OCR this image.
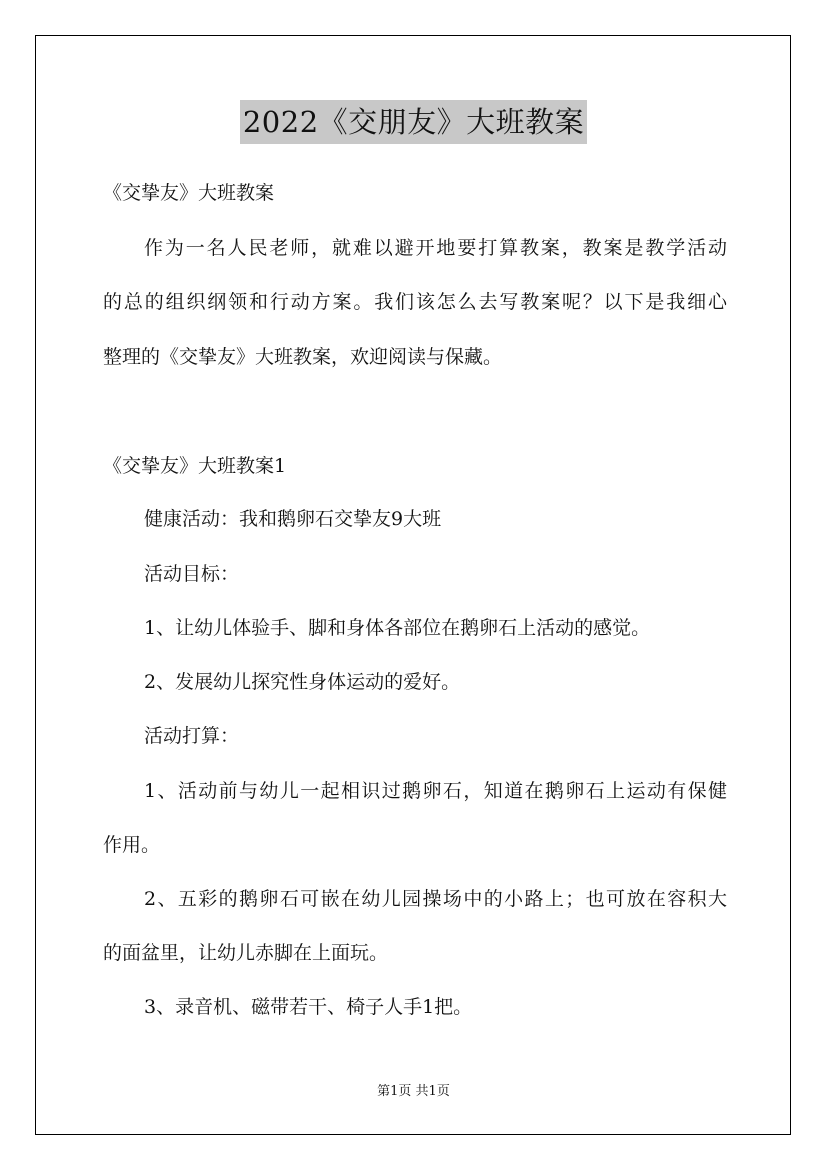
2022《交朋友》大班教案
《交挚友》大班教案
作为一名人民老师，就难以避开地要打算教案，教案是教学活动
的总的组织纲领和行动方案。我们该怎么去写教案呢？以下是我细心
整理的《交挚友》大班教案，欢迎阅读与保藏。
《交挚友》大班教案1
健康活动：我和鹅卵石交挚友9大班
活动目标：
1、让幼儿体验手、脚和身体各部位在鹅卵石上活动的感觉。
2、发展幼儿探究性身体运动的爱好。
活动打算：
1、活动前与幼儿一起相识过鹅卵石，知道在鹅卵石上运动有保健
作用。
2、五彩的鹅卵石可嵌在幼儿园操场中的小路上；也可放在容积大
的面盆里，让幼儿赤脚在上面玩。
3、录音机、磁带若干、椅子人手1把。
第1页 共1页
